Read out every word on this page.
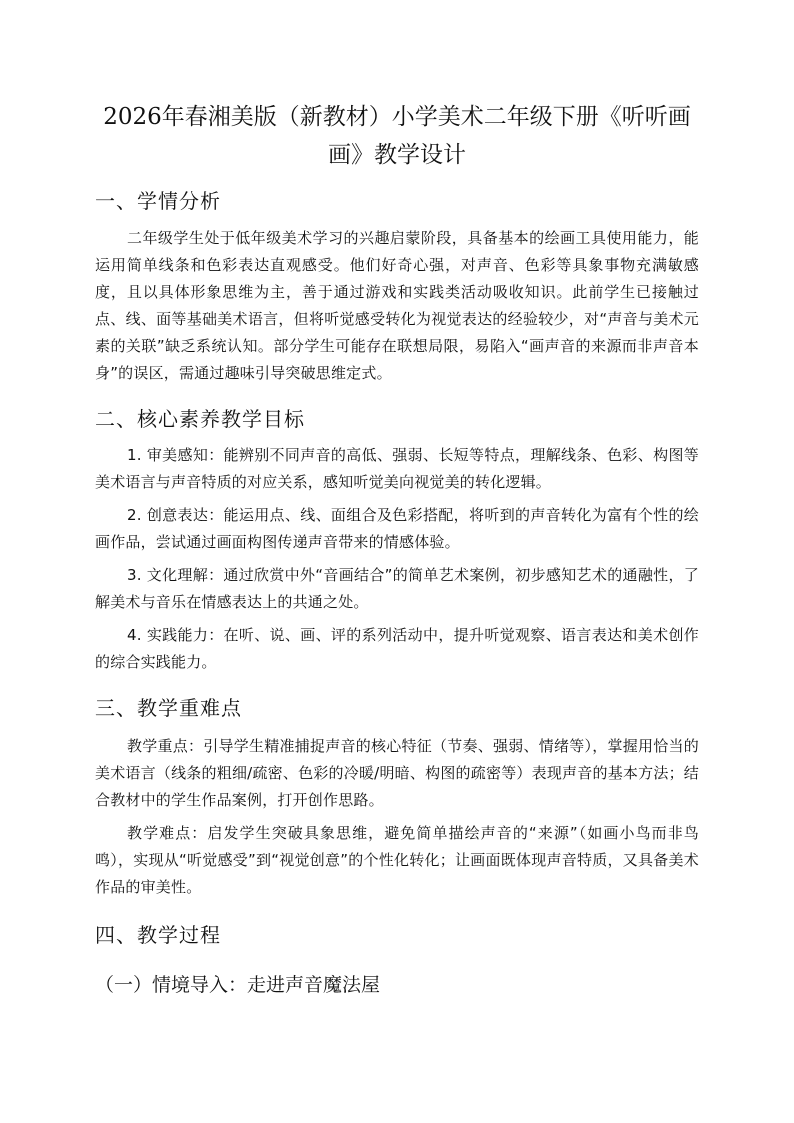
2026年春湘美版（新教材）小学美术二年级下册《听听画画》教学设计
一、学情分析

二年级学生处于低年级美术学习的兴趣启蒙阶段，具备基本的绘画工具使用能力，能运用简单线条和色彩表达直观感受。他们好奇心强，对声音、色彩等具象事物充满敏感度，且以具体形象思维为主，善于通过游戏和实践类活动吸收知识。此前学生已接触过点、线、面等基础美术语言，但将听觉感受转化为视觉表达的经验较少，对“声音与美术元素的关联”缺乏系统认知。部分学生可能存在联想局限，易陷入“画声音的来源而非声音本身”的误区，需通过趣味引导突破思维定式。

二、核心素养教学目标

1. 审美感知：能辨别不同声音的高低、强弱、长短等特点，理解线条、色彩、构图等美术语言与声音特质的对应关系，感知听觉美向视觉美的转化逻辑。

2. 创意表达：能运用点、线、面组合及色彩搭配，将听到的声音转化为富有个性的绘画作品，尝试通过画面构图传递声音带来的情感体验。

3. 文化理解：通过欣赏中外“音画结合”的简单艺术案例，初步感知艺术的通融性，了解美术与音乐在情感表达上的共通之处。

4. 实践能力：在听、说、画、评的系列活动中，提升听觉观察、语言表达和美术创作的综合实践能力。

三、教学重难点

教学重点：引导学生精准捕捉声音的核心特征（节奏、强弱、情绪等），掌握用恰当的美术语言（线条的粗细/疏密、色彩的冷暖/明暗、构图的疏密等）表现声音的基本方法；结合教材中的学生作品案例，打开创作思路。

教学难点：启发学生突破具象思维，避免简单描绘声音的“来源”（如画小鸟而非鸟鸣），实现从“听觉感受”到“视觉创意”的个性化转化；让画面既体现声音特质，又具备美术作品的审美性。

四、教学过程
（一）情境导入：走进声音魔法屋
